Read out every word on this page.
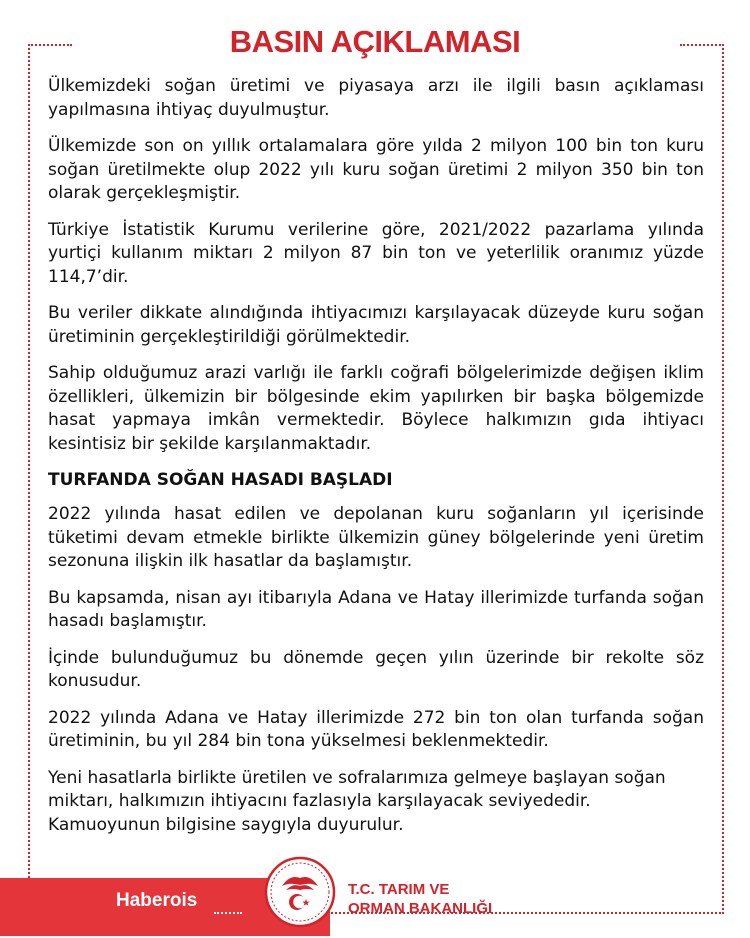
BASIN AÇIKLAMASI

Ülkemizdeki soğan üretimi ve piyasaya arzı ile ilgili basın açıklaması yapılmasına ihtiyaç duyulmuştur.

Ülkemizde son on yıllık ortalamalara göre yılda 2 milyon 100 bin ton kuru soğan üretilmekte olup 2022 yılı kuru soğan üretimi 2 milyon 350 bin ton olarak gerçekleşmiştir.

Türkiye İstatistik Kurumu verilerine göre, 2021/2022 pazarlama yılında yurtiçi kullanım miktarı 2 milyon 87 bin ton ve yeterlilik oranımız yüzde 114,7’dir.

Bu veriler dikkate alındığında ihtiyacımızı karşılayacak düzeyde kuru soğan üretiminin gerçekleştirildiği görülmektedir.

Sahip olduğumuz arazi varlığı ile farklı coğrafi bölgelerimizde değişen iklim özellikleri, ülkemizin bir bölgesinde ekim yapılırken bir başka bölgemizde hasat yapmaya imkân vermektedir. Böylece halkımızın gıda ihtiyacı kesintisiz bir şekilde karşılanmaktadır.

TURFANDA SOĞAN HASADI BAŞLADI

2022 yılında hasat edilen ve depolanan kuru soğanların yıl içerisinde tüketimi devam etmekle birlikte ülkemizin güney bölgelerinde yeni üretim sezonuna ilişkin ilk hasatlar da başlamıştır.

Bu kapsamda, nisan ayı itibarıyla Adana ve Hatay illerimizde turfanda soğan hasadı başlamıştır.

İçinde bulunduğumuz bu dönemde geçen yılın üzerinde bir rekolte söz konusudur.

2022 yılında Adana ve Hatay illerimizde 272 bin ton olan turfanda soğan üretiminin, bu yıl 284 bin tona yükselmesi beklenmektedir.

Yeni hasatlarla birlikte üretilen ve sofralarımıza gelmeye başlayan soğan miktarı, halkımızın ihtiyacını fazlasıyla karşılayacak seviyededir.
Kamuoyunun bilgisine saygıyla duyurulur.

Haberois
T.C. TARIM VE
ORMAN BAKANLIĞI
